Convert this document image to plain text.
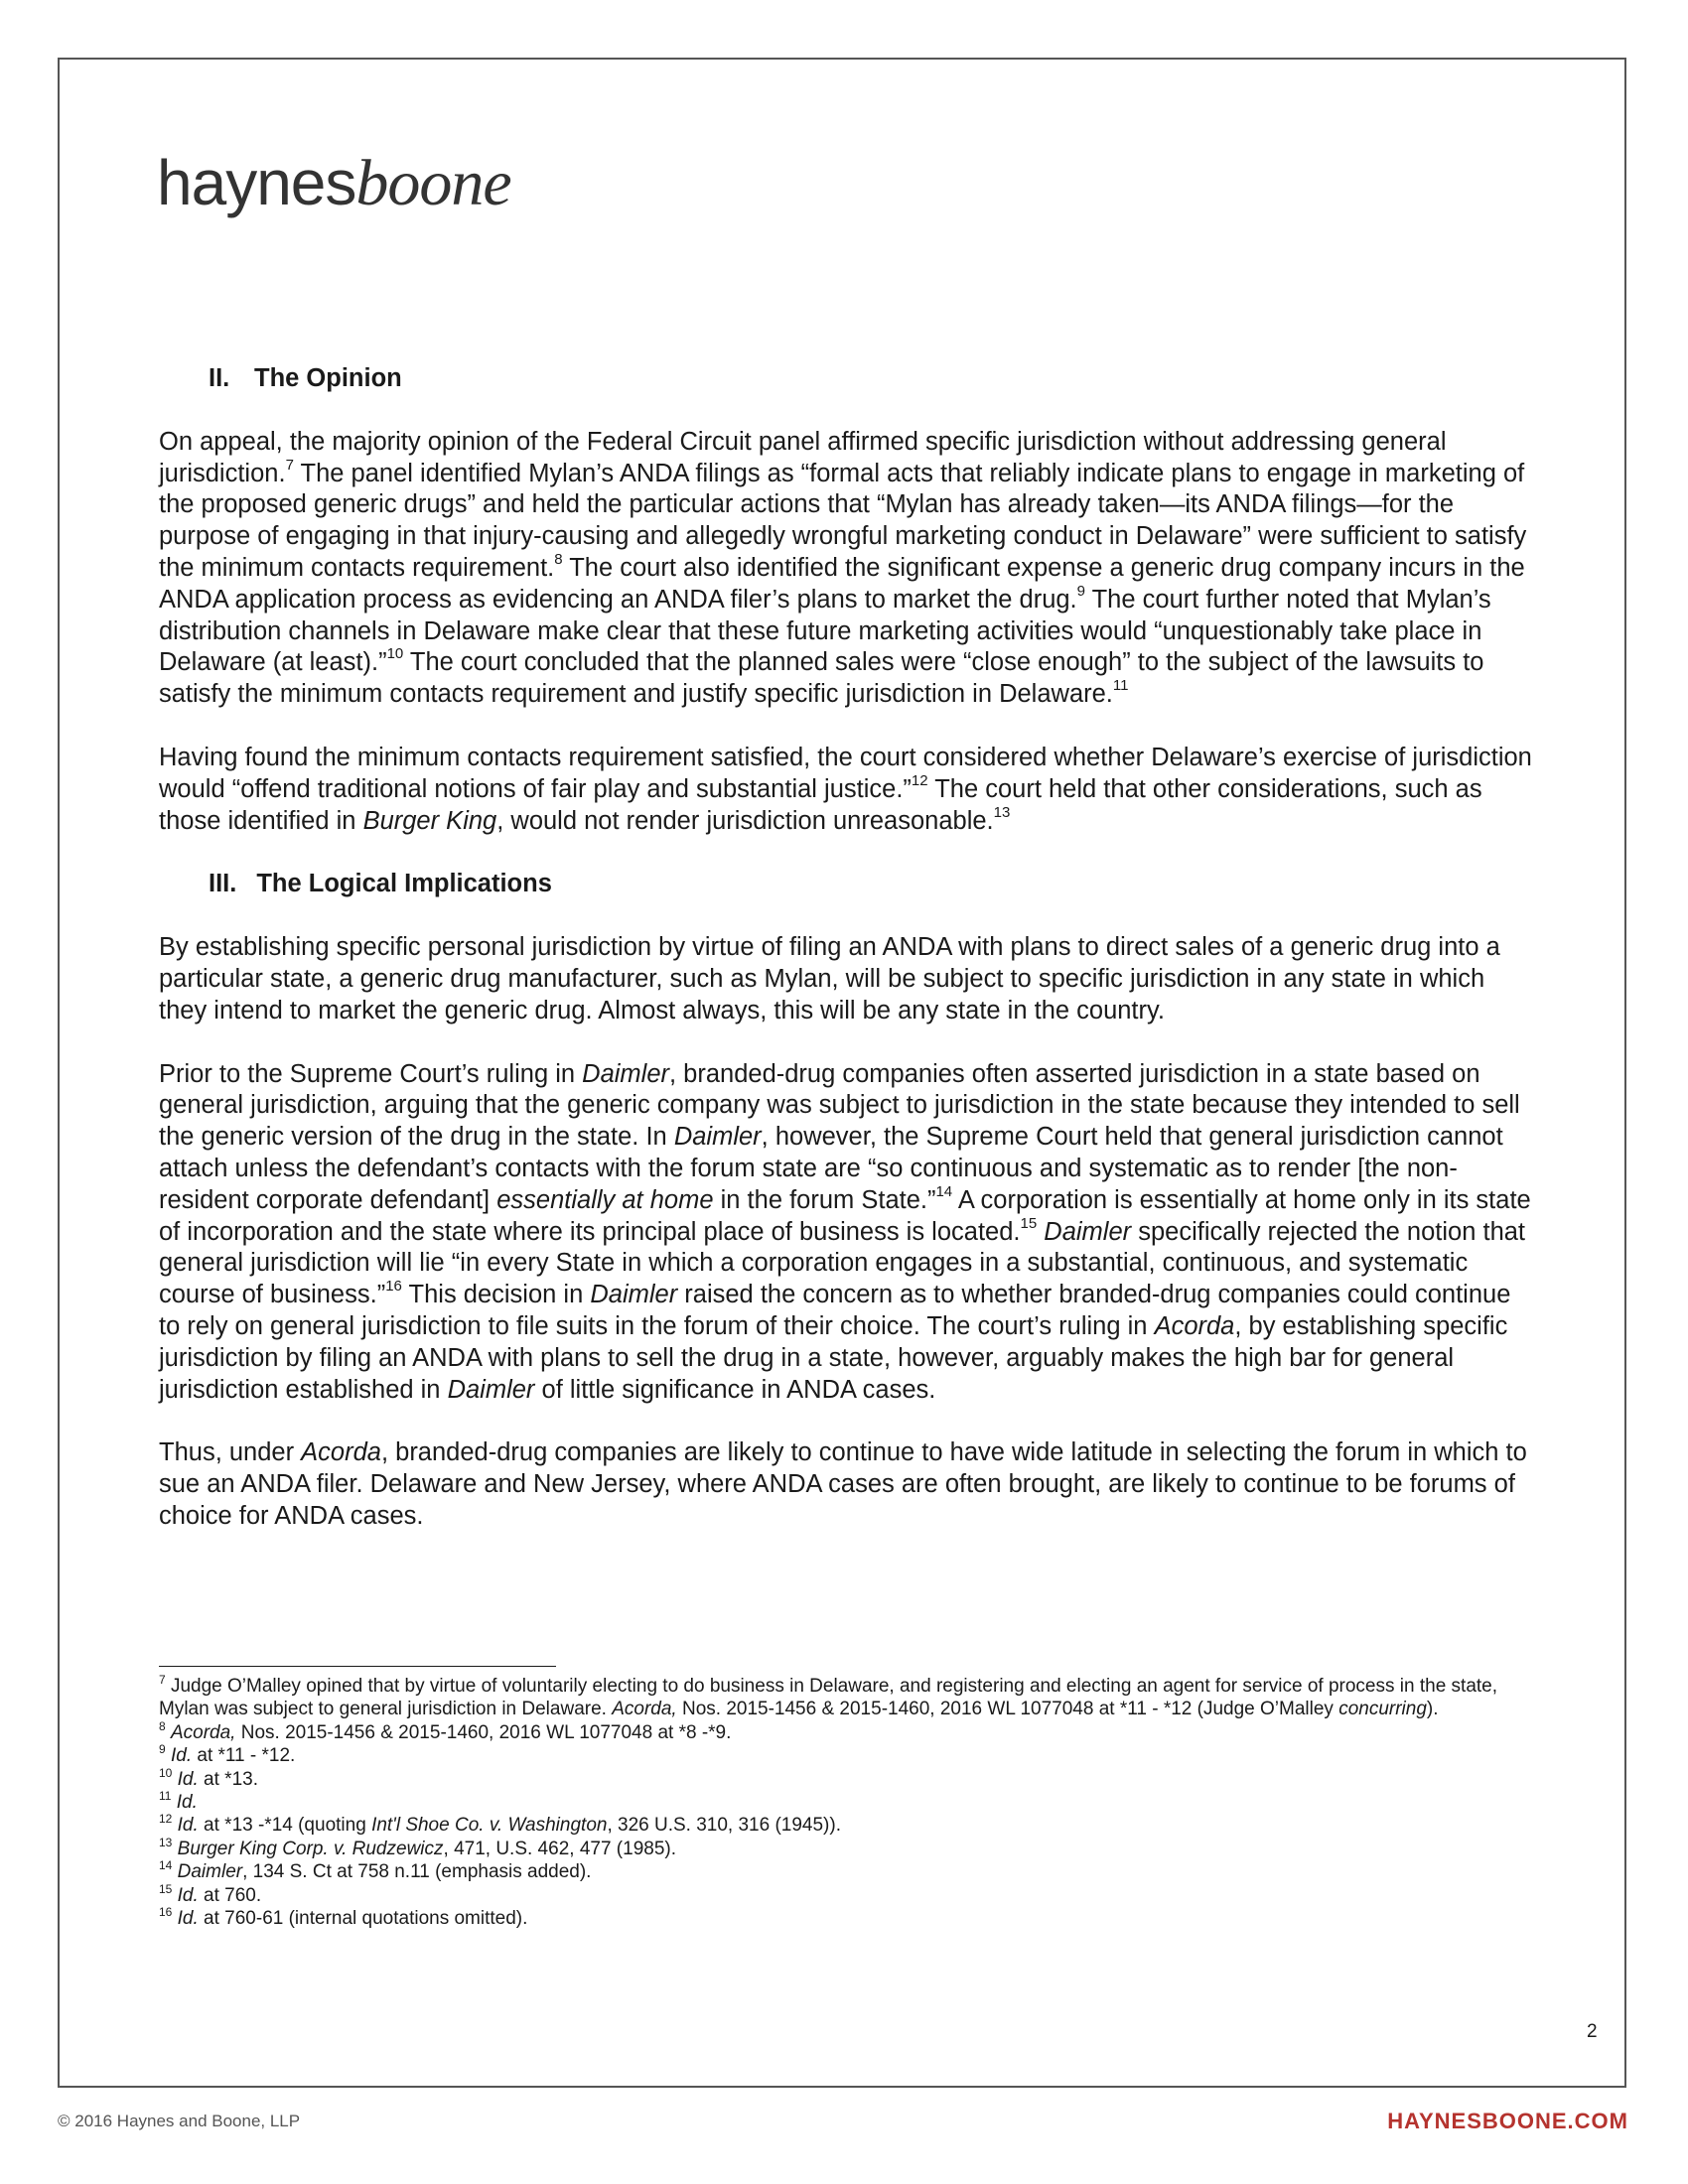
haynesboone
II. The Opinion

On appeal, the majority opinion of the Federal Circuit panel affirmed specific jurisdiction without addressing general jurisdiction.$^7$ The panel identified Mylan’s ANDA filings as “formal acts that reliably indicate plans to engage in marketing of the proposed generic drugs” and held the particular actions that “Mylan has already taken—its ANDA filings—for the purpose of engaging in that injury-causing and allegedly wrongful marketing conduct in Delaware” were sufficient to satisfy the minimum contacts requirement.$^8$ The court also identified the significant expense a generic drug company incurs in the ANDA application process as evidencing an ANDA filer’s plans to market the drug.$^9$ The court further noted that Mylan’s distribution channels in Delaware make clear that these future marketing activities would “unquestionably take place in Delaware (at least).”$^{10}$ The court concluded that the planned sales were “close enough” to the subject of the lawsuits to satisfy the minimum contacts requirement and justify specific jurisdiction in Delaware.$^{11}$

Having found the minimum contacts requirement satisfied, the court considered whether Delaware’s exercise of jurisdiction would “offend traditional notions of fair play and substantial justice.”$^{12}$ The court held that other considerations, such as those identified in Burger King, would not render jurisdiction unreasonable.$^{13}$

III. The Logical Implications

By establishing specific personal jurisdiction by virtue of filing an ANDA with plans to direct sales of a generic drug into a particular state, a generic drug manufacturer, such as Mylan, will be subject to specific jurisdiction in any state in which they intend to market the generic drug. Almost always, this will be any state in the country.

Prior to the Supreme Court’s ruling in Daimler, branded-drug companies often asserted jurisdiction in a state based on general jurisdiction, arguing that the generic company was subject to jurisdiction in the state because they intended to sell the generic version of the drug in the state. In Daimler, however, the Supreme Court held that general jurisdiction cannot attach unless the defendant’s contacts with the forum state are “so continuous and systematic as to render [the non-resident corporate defendant] essentially at home in the forum State.”$^{14}$ A corporation is essentially at home only in its state of incorporation and the state where its principal place of business is located.$^{15}$ Daimler specifically rejected the notion that general jurisdiction will lie “in every State in which a corporation engages in a substantial, continuous, and systematic course of business.”$^{16}$ This decision in Daimler raised the concern as to whether branded-drug companies could continue to rely on general jurisdiction to file suits in the forum of their choice. The court’s ruling in Acorda, by establishing specific jurisdiction by filing an ANDA with plans to sell the drug in a state, however, arguably makes the high bar for general jurisdiction established in Daimler of little significance in ANDA cases.

Thus, under Acorda, branded-drug companies are likely to continue to have wide latitude in selecting the forum in which to sue an ANDA filer. Delaware and New Jersey, where ANDA cases are often brought, are likely to continue to be forums of choice for ANDA cases.

$^7$ Judge O’Malley opined that by virtue of voluntarily electing to do business in Delaware, and registering and electing an agent for service of process in the state, Mylan was subject to general jurisdiction in Delaware. Acorda, Nos. 2015-1456 & 2015-1460, 2016 WL 1077048 at *11 - *12 (Judge O’Malley concurring).
$^8$ Acorda, Nos. 2015-1456 & 2015-1460, 2016 WL 1077048 at *8 -*9.
$^9$ Id. at *11 - *12.
$^{10}$ Id. at *13.
$^{11}$ Id.
$^{12}$ Id. at *13 -*14 (quoting Int'l Shoe Co. v. Washington, 326 U.S. 310, 316 (1945)).
$^{13}$ Burger King Corp. v. Rudzewicz, 471, U.S. 462, 477 (1985).
$^{14}$ Daimler, 134 S. Ct at 758 n.11 (emphasis added).
$^{15}$ Id. at 760.
$^{16}$ Id. at 760-61 (internal quotations omitted).
2
© 2016 Haynes and Boone, LLP	HAYNESBOONE.COM
